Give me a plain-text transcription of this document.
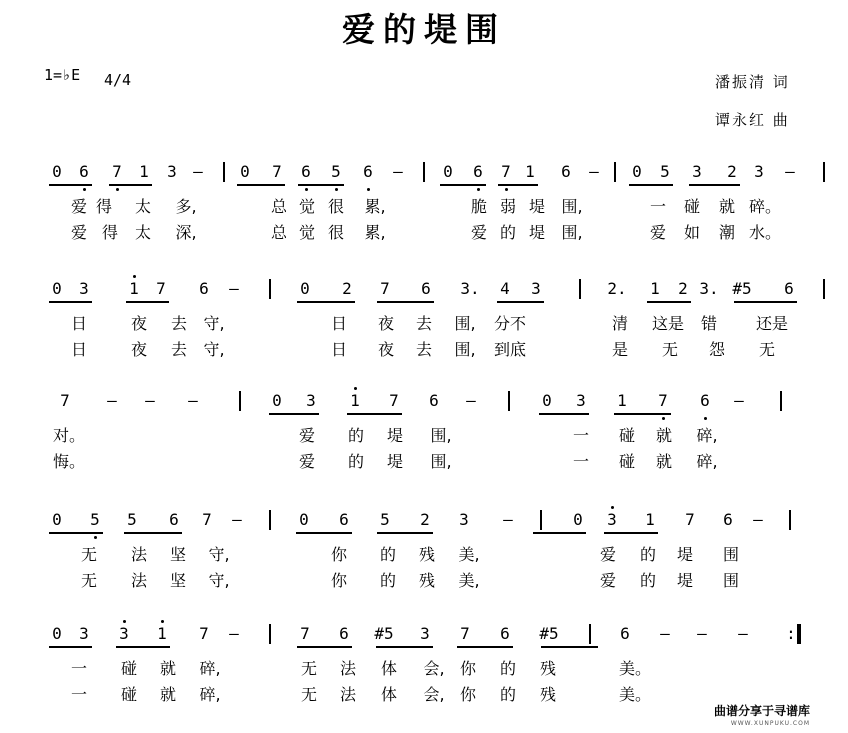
爱的堤围
1=♭E 4/4	潘振清 词
谭永红 曲
0 6 7 1 3 – 0 7 6 5 6 –	0 6 7 1 6 – 0 5 3 2 3 –
爱 得 太 多,	总 觉 很 累,	脆 弱 堤 围,	一 碰 就 碎。
爱 得 太 深,	总 觉 很 累,	爱 的 堤 围,	爱 如 潮 水。
0 3	1 7 6 –	0 2 7 6 3. 4 3	2. 1 2 3. #5 6
日	夜 去 守,	日 夜 去 围, 分不	清 这是 错 还是
日	夜 去 守,	日 夜 去 围, 到底	是 无 怨 无
7 – – –	0 3 1 7 6 –	0 3 1 7 6 –
对。	爱 的 堤 围,	一 碰 就 碎,
悔。	爱 的 堤 围,	一 碰 就 碎,
0 5 5 6 7 –	0 6 5 2 3 –	0 3 1 7 6 –
无 法 坚 守,	你 的 残 美,	爱 的 堤 围
无 法 坚 守,	你 的 残 美,	爱 的 堤 围
0 3 3 1 7 –	7 6 #5 3 7 6 #5	6 – – – :
一 碰 就 碎,	无 法 体 会, 你 的 残	美。
一 碰 就 碎,	无 法 体 会, 你 的 残	美。
曲谱分享于寻谱库
WWW.XUNPUKU.COM
